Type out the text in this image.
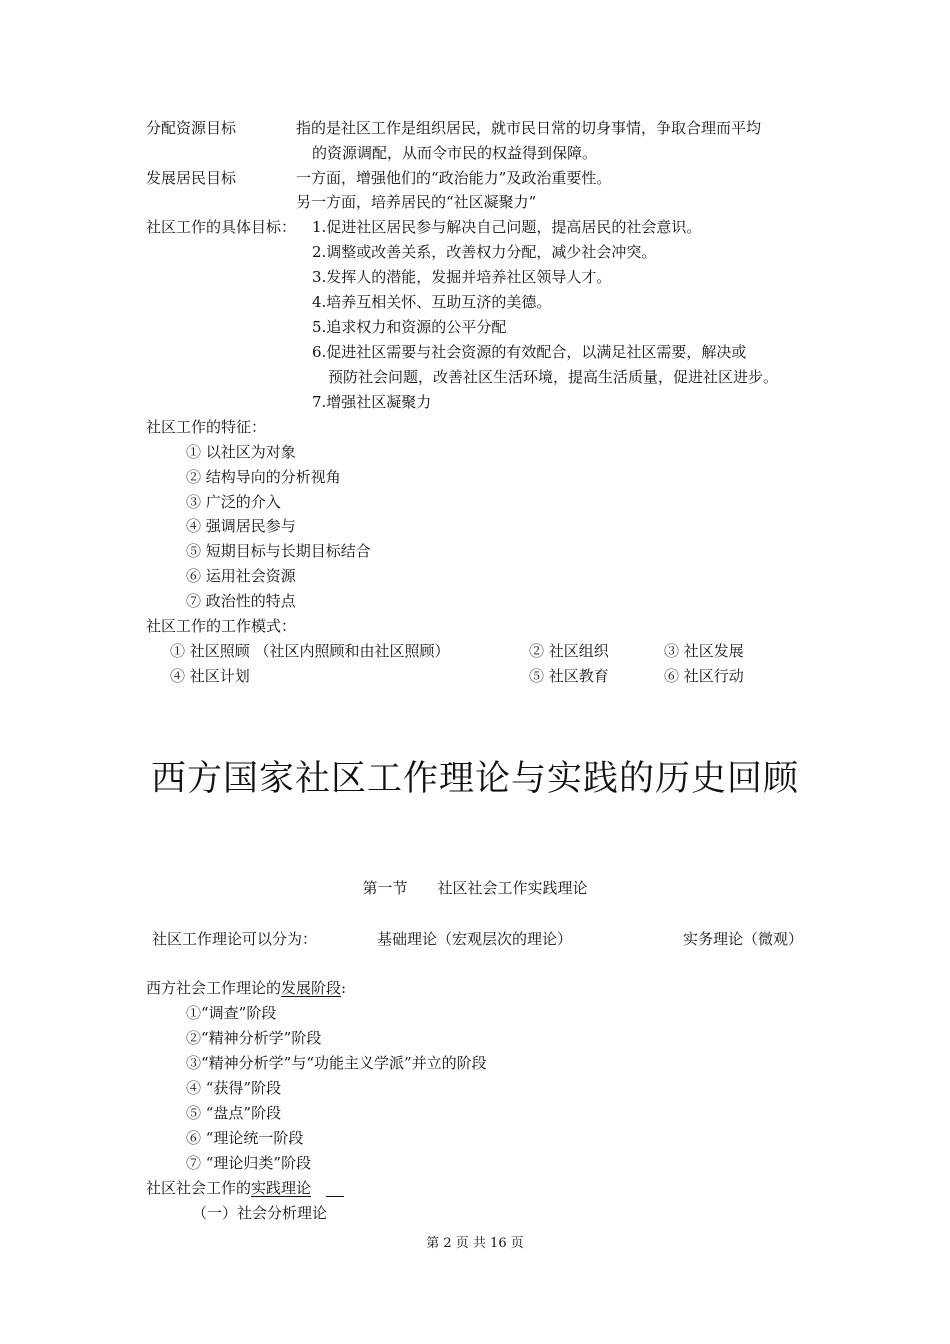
分配资源目标	指的是社区工作是组织居民，就市民日常的切身事情，争取合理而平均
的资源调配，从而令市民的权益得到保障。
发展居民目标	一方面，增强他们的“政治能力”及政治重要性。
另一方面，培养居民的“社区凝聚力”
社区工作的具体目标： 1.促进社区居民参与解决自己问题，提高居民的社会意识。
2.调整或改善关系，改善权力分配，减少社会冲突。
3.发挥人的潜能，发掘并培养社区领导人才。
4.培养互相关怀、互助互济的美德。
5.追求权力和资源的公平分配
6.促进社区需要与社会资源的有效配合，以满足社区需要，解决或
预防社会问题，改善社区生活环境，提高生活质量，促进社区进步。
7.增强社区凝聚力
社区工作的特征：
① 以社区为对象
② 结构导向的分析视角
③ 广泛的介入
④ 强调居民参与
⑤ 短期目标与长期目标结合
⑥ 运用社会资源
⑦ 政治性的特点
社区工作的工作模式：
① 社区照顾 （社区内照顾和由社区照顾）	② 社区组织	③ 社区发展
④ 社区计划	⑤ 社区教育	⑥ 社区行动
西方国家社区工作理论与实践的历史回顾
第一节　　社区社会工作实践理论
社区工作理论可以分为：	基础理论（宏观层次的理论）	实务理论（微观）
西方社会工作理论的发展阶段:
①“调查”阶段
②“精神分析学”阶段
③“精神分析学”与“功能主义学派”并立的阶段
④ “获得”阶段
⑤ “盘点”阶段
⑥ “理论统一阶段
⑦ “理论归类”阶段
社区社会工作的实践理论
（一）社会分析理论
第 2 页 共 16 页
